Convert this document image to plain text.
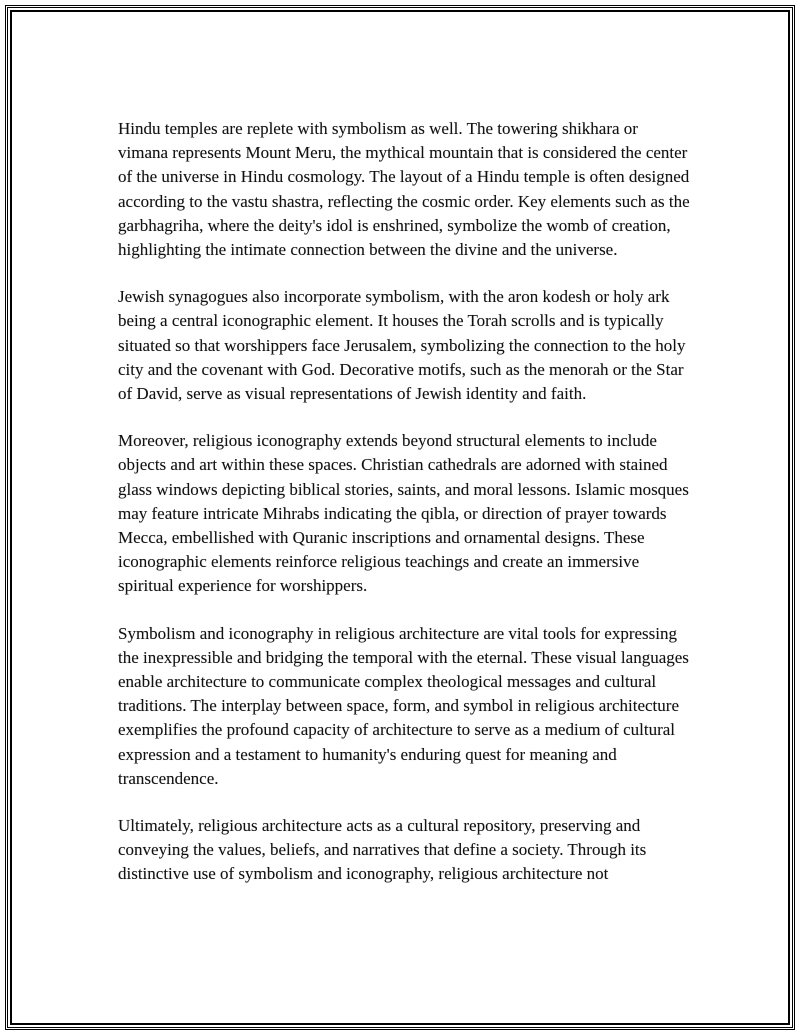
Hindu temples are replete with symbolism as well. The towering shikhara or vimana represents Mount Meru, the mythical mountain that is considered the center of the universe in Hindu cosmology. The layout of a Hindu temple is often designed according to the vastu shastra, reflecting the cosmic order. Key elements such as the garbhagriha, where the deity's idol is enshrined, symbolize the womb of creation, highlighting the intimate connection between the divine and the universe.

Jewish synagogues also incorporate symbolism, with the aron kodesh or holy ark being a central iconographic element. It houses the Torah scrolls and is typically situated so that worshippers face Jerusalem, symbolizing the connection to the holy city and the covenant with God. Decorative motifs, such as the menorah or the Star of David, serve as visual representations of Jewish identity and faith.

Moreover, religious iconography extends beyond structural elements to include objects and art within these spaces. Christian cathedrals are adorned with stained glass windows depicting biblical stories, saints, and moral lessons. Islamic mosques may feature intricate Mihrabs indicating the qibla, or direction of prayer towards Mecca, embellished with Quranic inscriptions and ornamental designs. These iconographic elements reinforce religious teachings and create an immersive spiritual experience for worshippers.

Symbolism and iconography in religious architecture are vital tools for expressing the inexpressible and bridging the temporal with the eternal. These visual languages enable architecture to communicate complex theological messages and cultural traditions. The interplay between space, form, and symbol in religious architecture exemplifies the profound capacity of architecture to serve as a medium of cultural expression and a testament to humanity's enduring quest for meaning and transcendence.

Ultimately, religious architecture acts as a cultural repository, preserving and conveying the values, beliefs, and narratives that define a society. Through its distinctive use of symbolism and iconography, religious architecture not
